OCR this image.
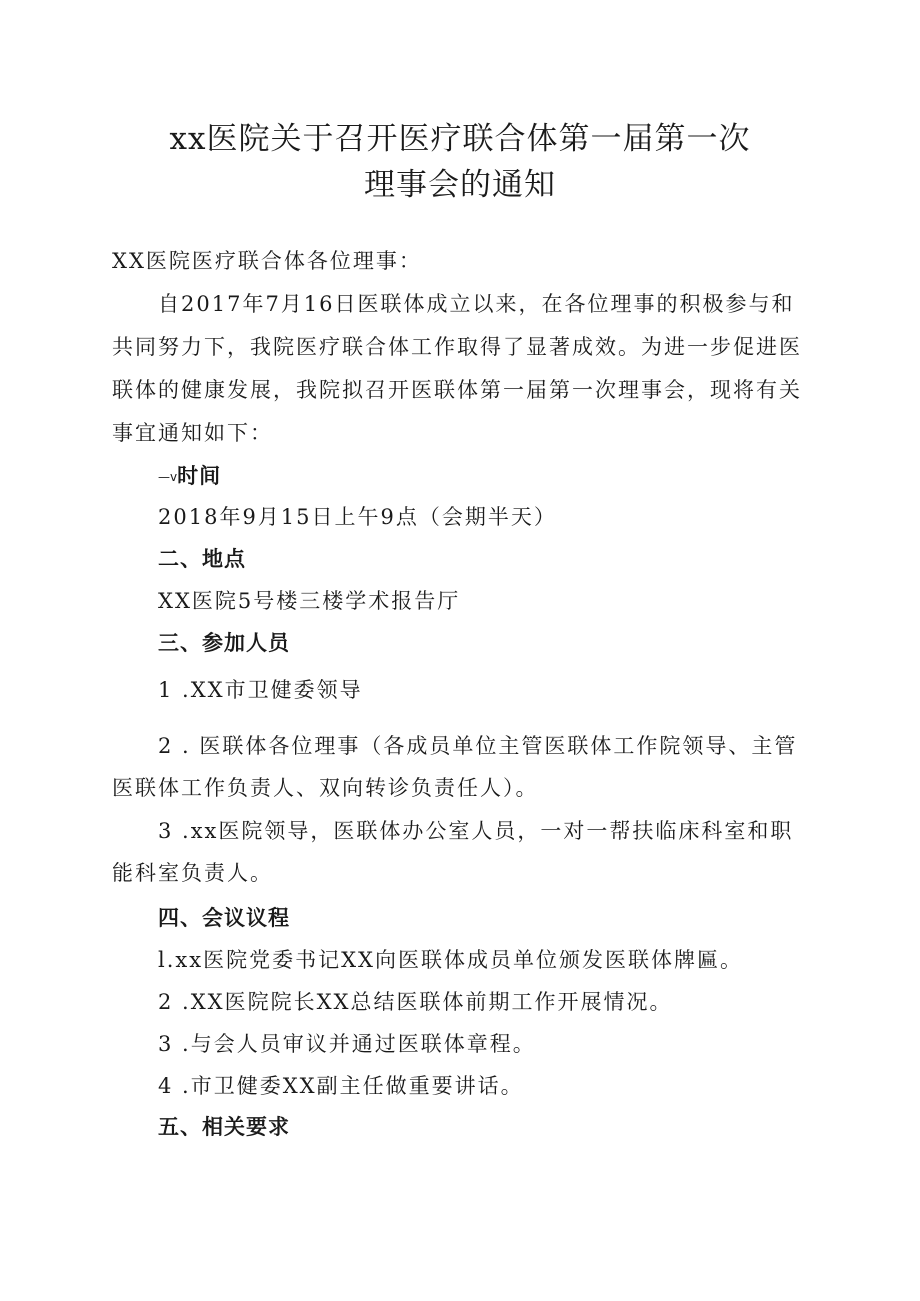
xx医院关于召开医疗联合体第一届第一次
理事会的通知
XX医院医疗联合体各位理事：
自2017年7月16日医联体成立以来，在各位理事的积极参与和
共同努力下，我院医疗联合体工作取得了显著成效。为进一步促进医
联体的健康发展，我院拟召开医联体第一届第一次理事会，现将有关
事宜通知如下：
—v时间
2018年9月15日上午9点（会期半天）
二、地点
XX医院5号楼三楼学术报告厅
三、参加人员
1 .XX市卫健委领导
2 . 医联体各位理事（各成员单位主管医联体工作院领导、主管
医联体工作负责人、双向转诊负责任人）。
3 .xx医院领导，医联体办公室人员，一对一帮扶临床科室和职
能科室负责人。
四、会议议程
l.xx医院党委书记XX向医联体成员单位颁发医联体牌匾。
2 .XX医院院长XX总结医联体前期工作开展情况。
3 .与会人员审议并通过医联体章程。
4 .市卫健委XX副主任做重要讲话。
五、相关要求
